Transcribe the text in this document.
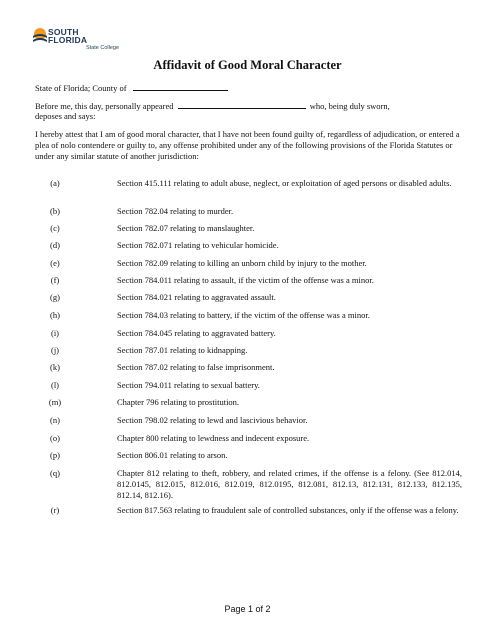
SOUTH
FLORIDA
State College
Affidavit of Good Moral Character
State of Florida; County of
Before me, this day, personally appeared	who, being duly sworn,
deposes and says:
I hereby attest that I am of good moral character, that I have not been found guilty of, regardless of adjudication, or entered a plea of nolo contendere or guilty to, any offense prohibited under any of the following provisions of the Florida Statutes or under any similar statute of another jurisdiction:
(a)	Section 415.111 relating to adult abuse, neglect, or exploitation of aged persons or disabled adults.
(b)	Section 782.04 relating to murder.
(c)	Section 782.07 relating to manslaughter.
(d)	Section 782.071 relating to vehicular homicide.
(e)	Section 782.09 relating to killing an unborn child by injury to the mother.
(f)	Section 784.011 relating to assault, if the victim of the offense was a minor.
(g)	Section 784.021 relating to aggravated assault.
(h)	Section 784.03 relating to battery, if the victim of the offense was a minor.
(i)	Section 784.045 relating to aggravated battery.
(j)	Section 787.01 relating to kidnapping.
(k)	Section 787.02 relating to false imprisonment.
(l)	Section 794.011 relating to sexual battery.
(m)	Chapter 796 relating to prostitution.
(n)	Section 798.02 relating to lewd and lascivious behavior.
(o)	Chapter 800 relating to lewdness and indecent exposure.
(p)	Section 806.01 relating to arson.
(q)	Chapter 812 relating to theft, robbery, and related crimes, if the offense is a felony. (See 812.014, 812.0145, 812.015, 812.016, 812.019, 812.0195, 812.081, 812.13, 812.131, 812.133, 812.135, 812.14, 812.16).
(r)	Section 817.563 relating to fraudulent sale of controlled substances, only if the offense was a felony.
Page 1 of 2
